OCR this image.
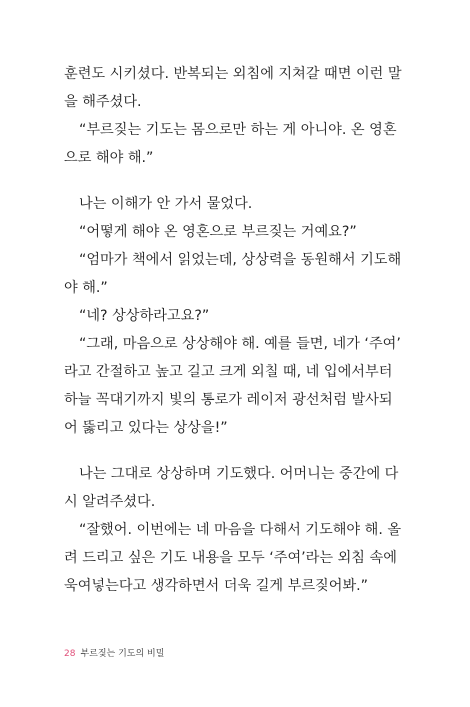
훈련도 시키셨다. 반복되는 외침에 지쳐갈 때면 이런 말
을 해주셨다.
“부르짖는 기도는 몸으로만 하는 게 아니야. 온 영혼
으로 해야 해.”
나는 이해가 안 가서 물었다.
“어떻게 해야 온 영혼으로 부르짖는 거예요?”
“엄마가 책에서 읽었는데, 상상력을 동원해서 기도해
야 해.”
“네? 상상하라고요?”
“그래, 마음으로 상상해야 해. 예를 들면, 네가 ‘주여’
라고 간절하고 높고 길고 크게 외칠 때, 네 입에서부터
하늘 꼭대기까지 빛의 통로가 레이저 광선처럼 발사되
어 뚫리고 있다는 상상을!”
나는 그대로 상상하며 기도했다. 어머니는 중간에 다
시 알려주셨다.
“잘했어. 이번에는 네 마음을 다해서 기도해야 해. 올
려 드리고 싶은 기도 내용을 모두 ‘주여’라는 외침 속에
욱여넣는다고 생각하면서 더욱 길게 부르짖어봐.”
28 부르짖는 기도의 비밀
